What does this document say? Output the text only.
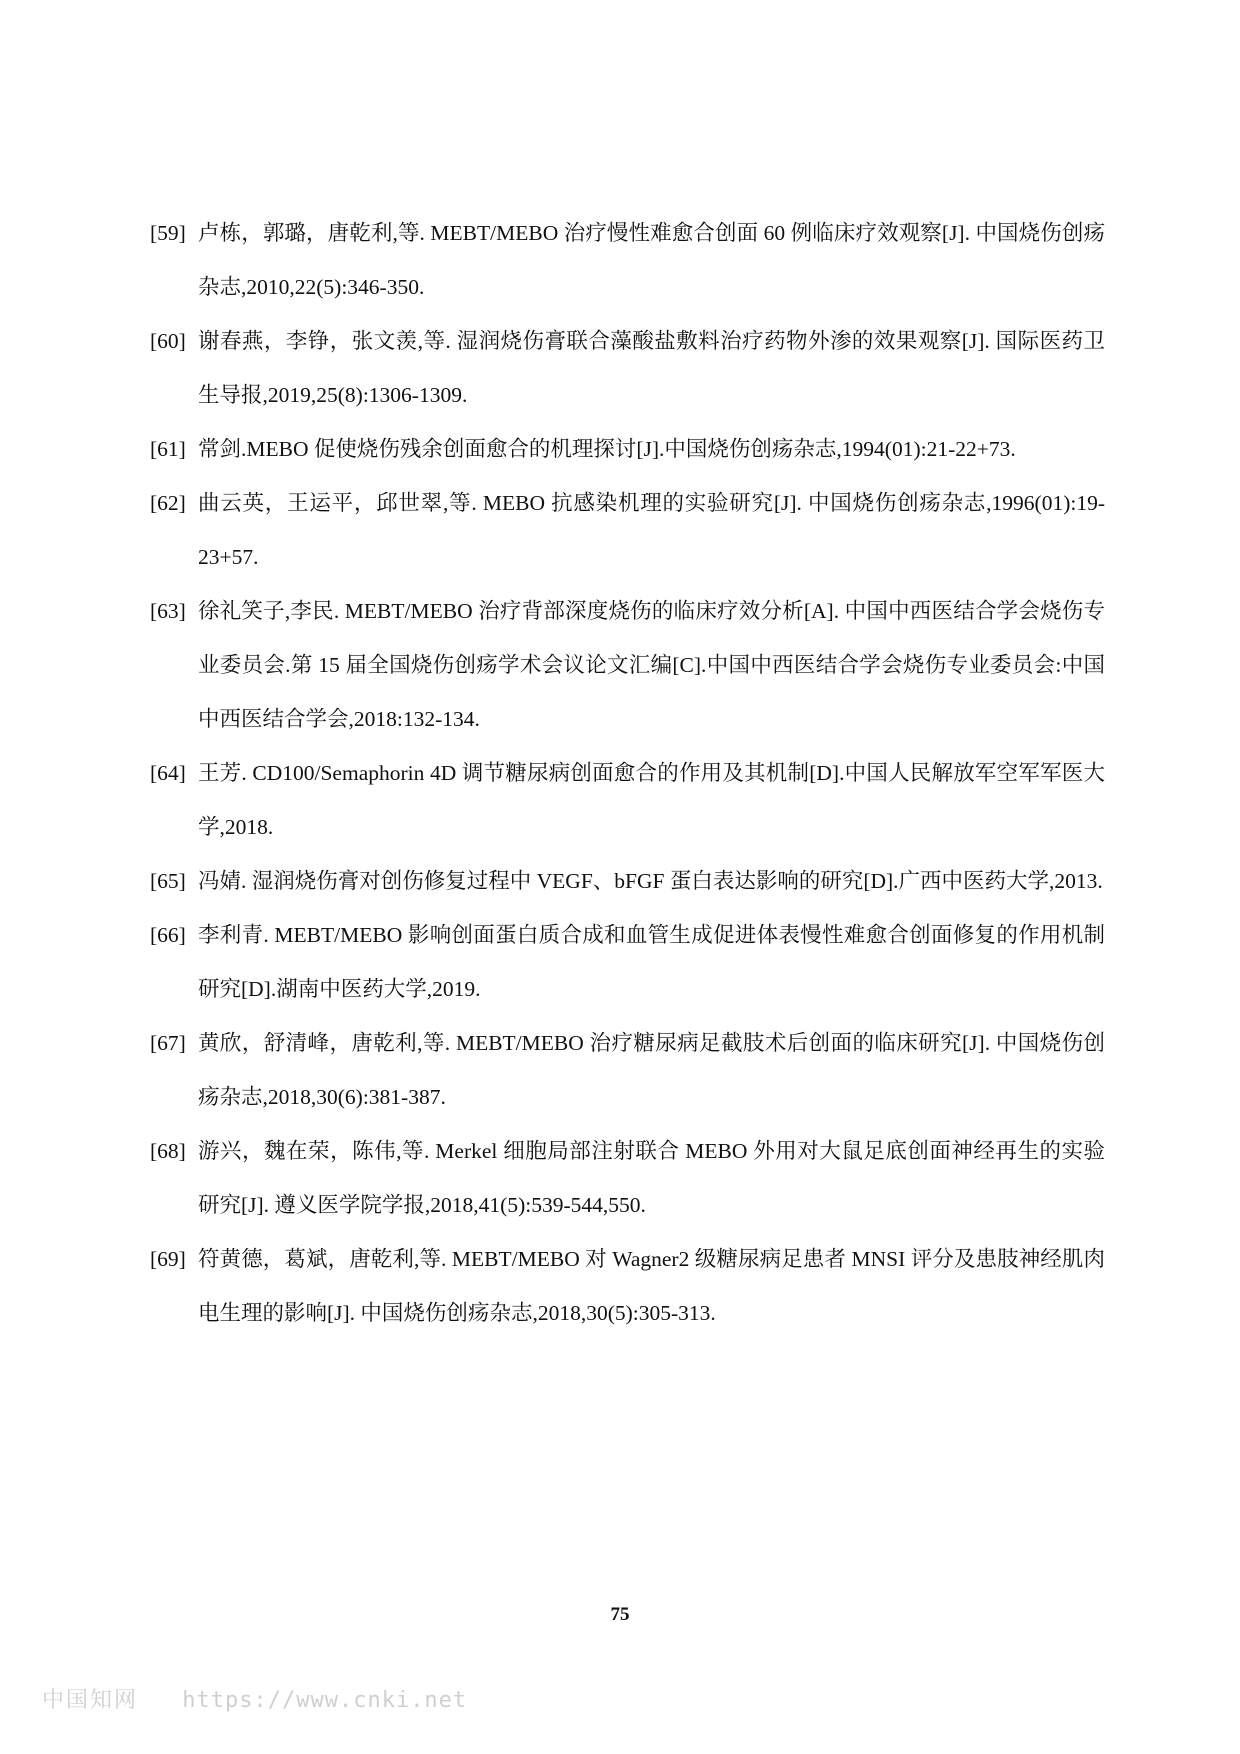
[59] 卢栋，郭璐，唐乾利,等. MEBT/MEBO 治疗慢性难愈合创面 60 例临床疗效观察[J]. 中国烧伤创疡杂志,2010,22(5):346-350.
[60] 谢春燕，李铮，张文羡,等. 湿润烧伤膏联合藻酸盐敷料治疗药物外渗的效果观察[J]. 国际医药卫生导报,2019,25(8):1306-1309.
[61] 常剑.MEBO 促使烧伤残余创面愈合的机理探讨[J].中国烧伤创疡杂志,1994(01):21-22+73.
[62] 曲云英，王运平，邱世翠,等. MEBO 抗感染机理的实验研究[J]. 中国烧伤创疡杂志,1996(01):19-23+57.
[63] 徐礼笑子,李民. MEBT/MEBO 治疗背部深度烧伤的临床疗效分析[A]. 中国中西医结合学会烧伤专业委员会.第 15 届全国烧伤创疡学术会议论文汇编[C].中国中西医结合学会烧伤专业委员会:中国中西医结合学会,2018:132-134.
[64] 王芳. CD100/Semaphorin 4D 调节糖尿病创面愈合的作用及其机制[D].中国人民解放军空军军医大学,2018.
[65] 冯婧. 湿润烧伤膏对创伤修复过程中 VEGF、bFGF 蛋白表达影响的研究[D].广西中医药大学,2013.
[66] 李利青. MEBT/MEBO 影响创面蛋白质合成和血管生成促进体表慢性难愈合创面修复的作用机制研究[D].湖南中医药大学,2019.
[67] 黄欣，舒清峰，唐乾利,等. MEBT/MEBO 治疗糖尿病足截肢术后创面的临床研究[J]. 中国烧伤创疡杂志,2018,30(6):381-387.
[68] 游兴，魏在荣，陈伟,等. Merkel 细胞局部注射联合 MEBO 外用对大鼠足底创面神经再生的实验研究[J]. 遵义医学院学报,2018,41(5):539-544,550.
[69] 符黄德，葛斌，唐乾利,等. MEBT/MEBO 对 Wagner2 级糖尿病足患者 MNSI 评分及患肢神经肌肉电生理的影响[J]. 中国烧伤创疡杂志,2018,30(5):305-313.
75
中国知网 https://www.cnki.net
